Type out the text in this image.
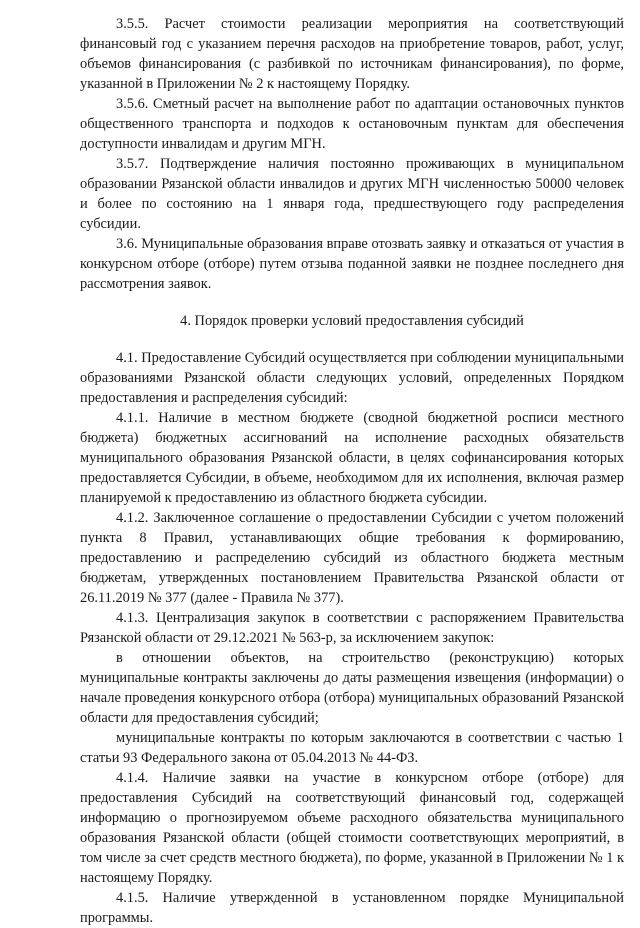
3.5.5. Расчет стоимости реализации мероприятия на соответствующий финансовый год с указанием перечня расходов на приобретение товаров, работ, услуг, объемов финансирования (с разбивкой по источникам финансирования), по форме, указанной в Приложении № 2 к настоящему Порядку.

3.5.6. Сметный расчет на выполнение работ по адаптации остановочных пунктов общественного транспорта и подходов к остановочным пунктам для обеспечения доступности инвалидам и другим МГН.

3.5.7. Подтверждение наличия постоянно проживающих в муниципальном образовании Рязанской области инвалидов и других МГН численностью 50000 человек и более по состоянию на 1 января года, предшествующего году распределения субсидии.

3.6. Муниципальные образования вправе отозвать заявку и отказаться от участия в конкурсном отборе (отборе) путем отзыва поданной заявки не позднее последнего дня рассмотрения заявок.

4. Порядок проверки условий предоставления субсидий

4.1. Предоставление Субсидий осуществляется при соблюдении муниципальными образованиями Рязанской области следующих условий, определенных Порядком предоставления и распределения субсидий:

4.1.1. Наличие в местном бюджете (сводной бюджетной росписи местного бюджета) бюджетных ассигнований на исполнение расходных обязательств муниципального образования Рязанской области, в целях софинансирования которых предоставляется Субсидии, в объеме, необходимом для их исполнения, включая размер планируемой к предоставлению из областного бюджета субсидии.

4.1.2. Заключенное соглашение о предоставлении Субсидии с учетом положений пункта 8 Правил, устанавливающих общие требования к формированию, предоставлению и распределению субсидий из областного бюджета местным бюджетам, утвержденных постановлением Правительства Рязанской области от 26.11.2019 № 377 (далее - Правила № 377).

4.1.3. Централизация закупок в соответствии с распоряжением Правительства Рязанской области от 29.12.2021 № 563-р, за исключением закупок:

в отношении объектов, на строительство (реконструкцию) которых муниципальные контракты заключены до даты размещения извещения (информации) о начале проведения конкурсного отбора (отбора) муниципальных образований Рязанской области для предоставления субсидий;

муниципальные контракты по которым заключаются в соответствии с частью 1 статьи 93 Федерального закона от 05.04.2013 № 44-ФЗ.

4.1.4. Наличие заявки на участие в конкурсном отборе (отборе) для предоставления Субсидий на соответствующий финансовый год, содержащей информацию о прогнозируемом объеме расходного обязательства муниципального образования Рязанской области (общей стоимости соответствующих мероприятий, в том числе за счет средств местного бюджета), по форме, указанной в Приложении № 1 к настоящему Порядку.

4.1.5. Наличие утвержденной в установленном порядке Муниципальной программы.
